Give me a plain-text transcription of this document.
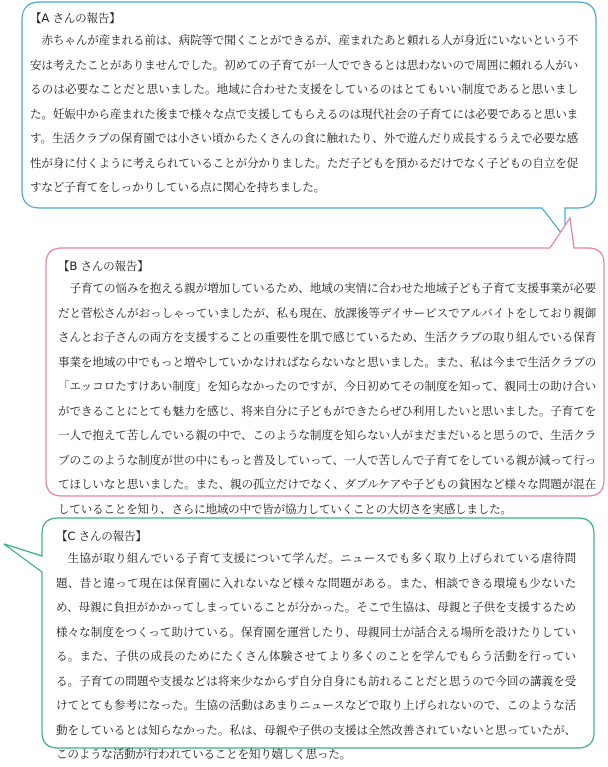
【A さんの報告】
赤ちゃんが産まれる前は、病院等で聞くことができるが、産まれたあと頼れる人が身近にいないという不安は考えたことがありませんでした。初めての子育てが一人でできるとは思わないので周囲に頼れる人がいるのは必要なことだと思いました。地域に合わせた支援をしているのはとてもいい制度であると思いました。妊娠中から産まれた後まで様々な点で支援してもらえるのは現代社会の子育てには必要であると思います。生活クラブの保育園では小さい頃からたくさんの食に触れたり、外で遊んだり成長するうえで必要な感性が身に付くように考えられていることが分かりました。ただ子どもを預かるだけでなく子どもの自立を促すなど子育てをしっかりしている点に関心を持ちました。
【B さんの報告】
子育ての悩みを抱える親が増加しているため、地域の実情に合わせた地域子ども子育て支援事業が必要だと菅松さんがおっしゃっていましたが、私も現在、放課後等デイサービスでアルバイトをしており親御さんとお子さんの両方を支援することの重要性を肌で感じているため、生活クラブの取り組んでいる保育事業を地域の中でもっと増やしていかなければならないなと思いました。また、私は今まで生活クラブの「エッコロたすけあい制度」を知らなかったのですが、今日初めてその制度を知って、親同士の助け合いができることにとても魅力を感じ、将来自分に子どもができたらぜひ利用したいと思いました。子育てを一人で抱えて苦しんでいる親の中で、このような制度を知らない人がまだまだいると思うので、生活クラブのこのような制度が世の中にもっと普及していって、一人で苦しんで子育てをしている親が減って行ってほしいなと思いました。また、親の孤立だけでなく、ダブルケアや子どもの貧困など様々な問題が混在していることを知り、さらに地域の中で皆が協力していくことの大切さを実感しました。
【C さんの報告】
生協が取り組んでいる子育て支援について学んだ。ニュースでも多く取り上げられている虐待問題、昔と違って現在は保育園に入れないなど様々な問題がある。また、相談できる環境も少ないため、母親に負担がかかってしまっていることが分かった。そこで生協は、母親と子供を支援するため様々な制度をつくって助けている。保育園を運営したり、母親同士が話合える場所を設けたりしている。また、子供の成長のためにたくさん体験させてより多くのことを学んでもらう活動を行っている。子育ての問題や支援などは将来少なからず自分自身にも訪れることだと思うので今回の講義を受けてとても参考になった。生協の活動はあまりニュースなどで取り上げられないので、このような活動をしているとは知らなかった。私は、母親や子供の支援は全然改善されていないと思っていたが、このような活動が行われていることを知り嬉しく思った。
